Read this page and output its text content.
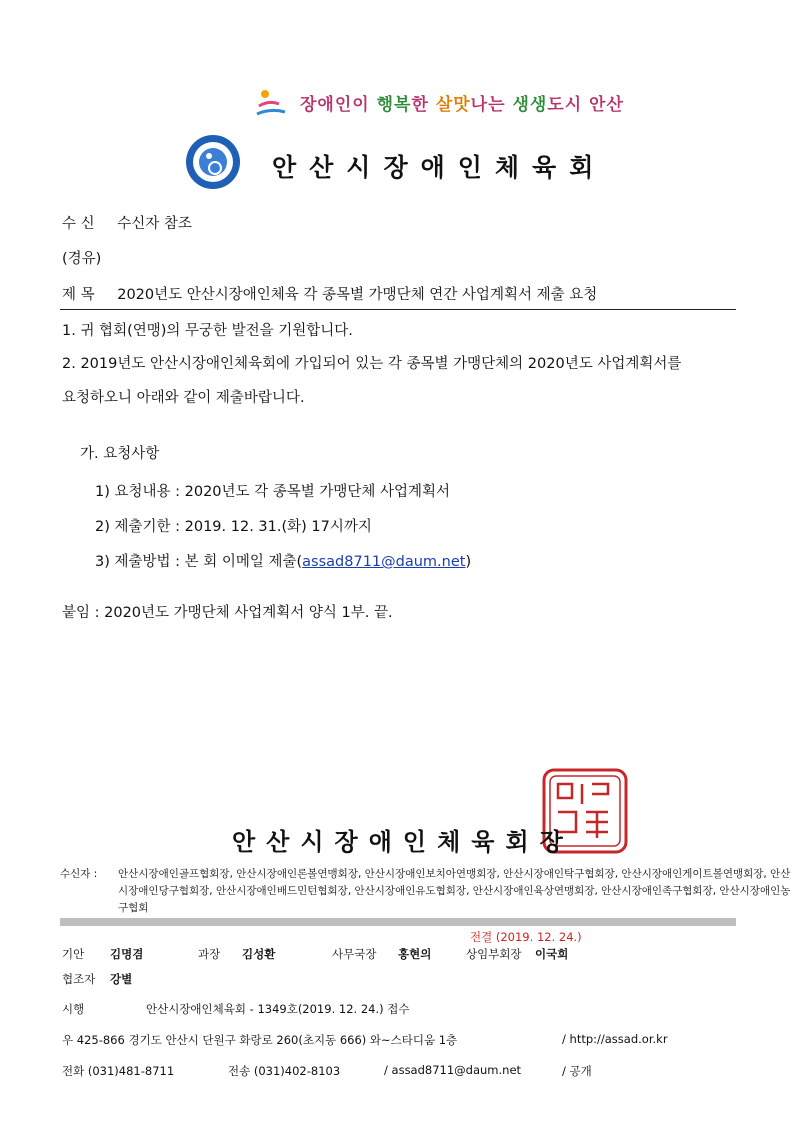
장애인이 행복한 살맛나는 생생도시 안산
안산시장애인체육회
수 신 수신자 참조
(경유)
제 목 2020년도 안산시장애인체육 각 종목별 가맹단체 연간 사업계획서 제출 요청
1. 귀 협회(연맹)의 무궁한 발전을 기원합니다.
2. 2019년도 안산시장애인체육회에 가입되어 있는 각 종목별 가맹단체의 2020년도 사업계획서를
요청하오니 아래와 같이 제출바랍니다.
가. 요청사항
1) 요청내용 : 2020년도 각 종목별 가맹단체 사업계획서
2) 제출기한 : 2019. 12. 31.(화) 17시까지
3) 제출방법 : 본 회 이메일 제출(assad8711@daum.net)
붙임 : 2020년도 가맹단체 사업계획서 양식 1부. 끝.
안산시장애인체육회장
수신자 : 안산시장애인골프협회장, 안산시장애인론볼연맹회장, 안산시장애인보치아연맹회장, 안산시장애인탁구협회장, 안산시장애인게이트볼연맹회장, 안산시장애인당구협회장, 안산시장애인배드민턴협회장, 안산시장애인유도협회장, 안산시장애인육상연맹회장, 안산시장애인족구협회장, 안산시장애인농구협회
전결 (2019. 12. 24.)
기안 김명겸	과장 김성환	사무국장 홍현의	상임부회장 이국희
협조자 강별
시행	안산시장애인체육회 - 1349호(2019. 12. 24.) 접수
우 425-866 경기도 안산시 단원구 화랑로 260(초지동 666) 와~스타디움 1층	/ http://assad.or.kr
전화 (031)481-8711	전송 (031)402-8103	/ assad8711@daum.net	/ 공개
